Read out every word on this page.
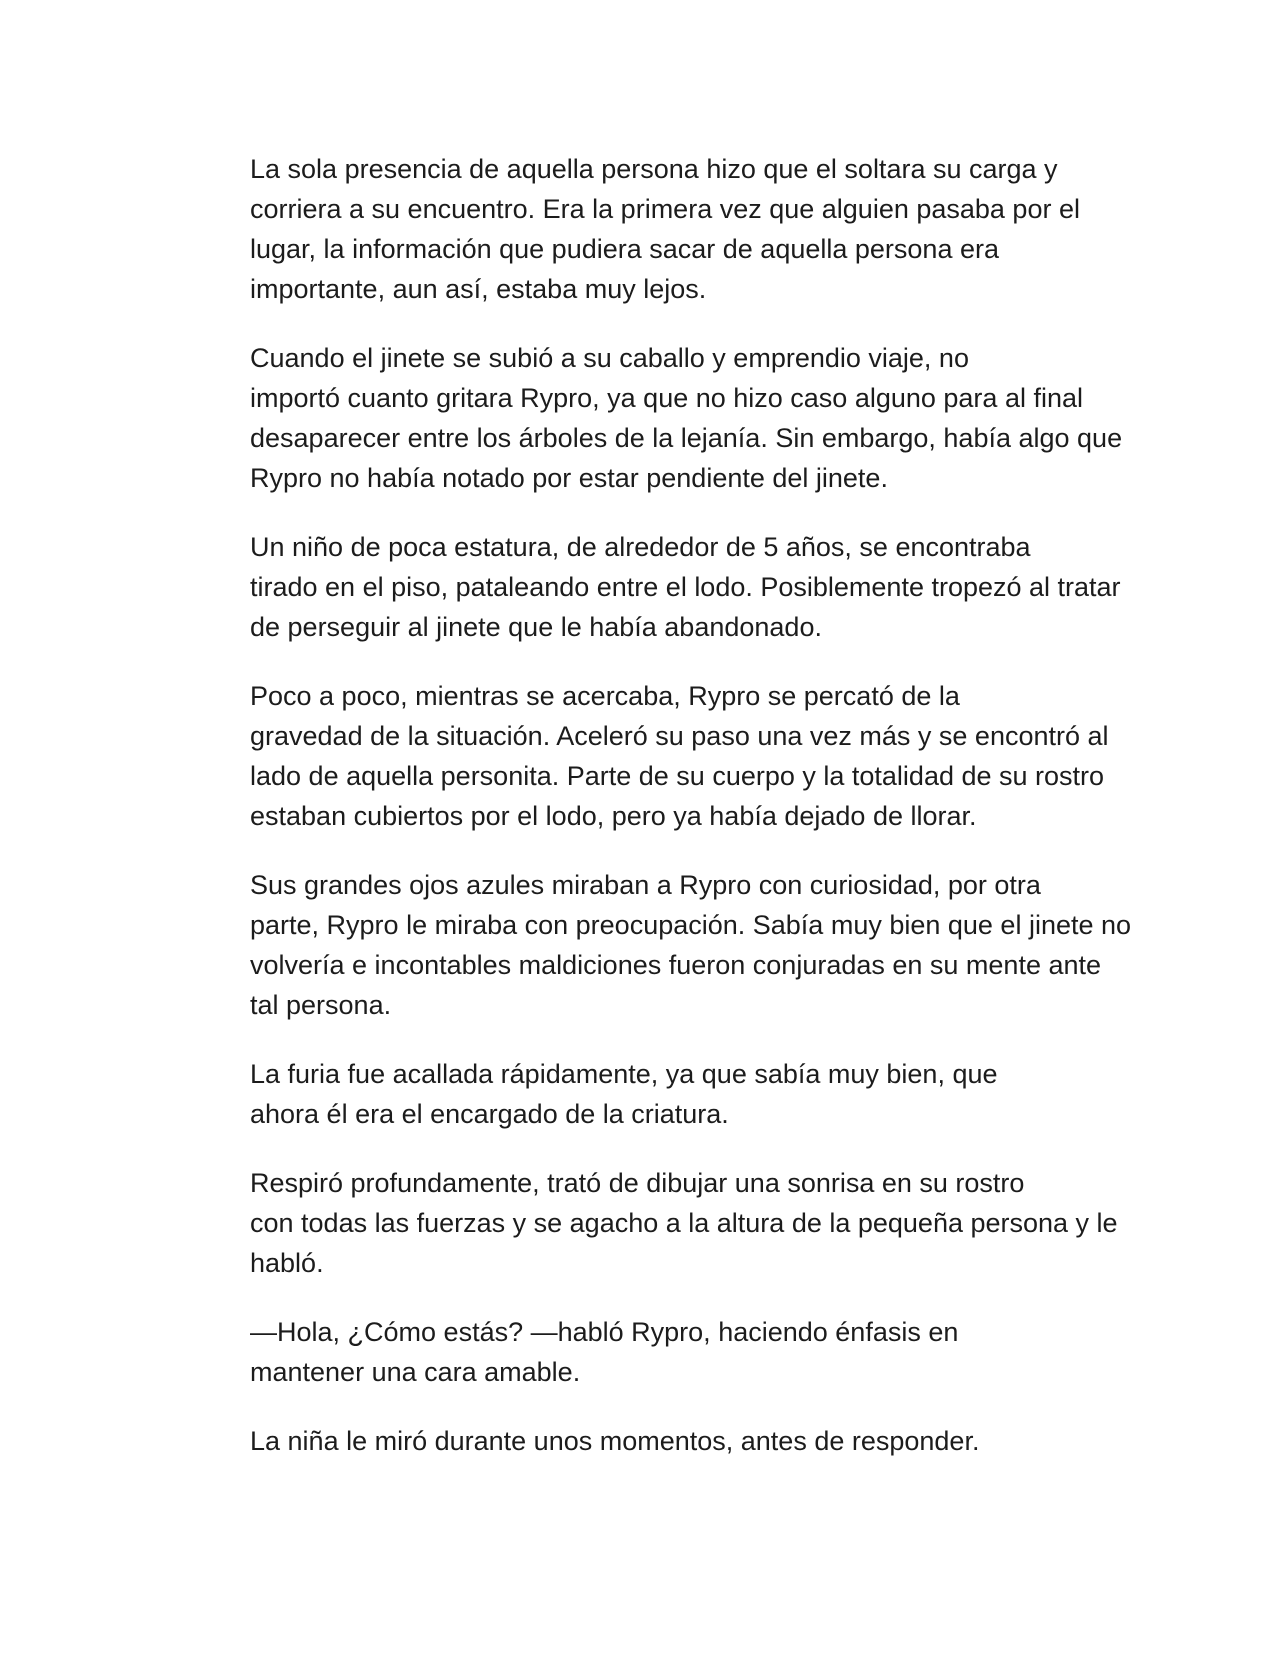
La sola presencia de aquella persona hizo que el soltara su carga y
corriera a su encuentro. Era la primera vez que alguien pasaba por el
lugar, la información que pudiera sacar de aquella persona era
importante, aun así, estaba muy lejos.

Cuando el jinete se subió a su caballo y emprendio viaje, no
importó cuanto gritara Rypro, ya que no hizo caso alguno para al final
desaparecer entre los árboles de la lejanía. Sin embargo, había algo que
Rypro no había notado por estar pendiente del jinete.

Un niño de poca estatura, de alrededor de 5 años, se encontraba
tirado en el piso, pataleando entre el lodo. Posiblemente tropezó al tratar
de perseguir al jinete que le había abandonado.

Poco a poco, mientras se acercaba, Rypro se percató de la
gravedad de la situación. Aceleró su paso una vez más y se encontró al
lado de aquella personita. Parte de su cuerpo y la totalidad de su rostro
estaban cubiertos por el lodo, pero ya había dejado de llorar.

Sus grandes ojos azules miraban a Rypro con curiosidad, por otra
parte, Rypro le miraba con preocupación. Sabía muy bien que el jinete no
volvería e incontables maldiciones fueron conjuradas en su mente ante
tal persona.

La furia fue acallada rápidamente, ya que sabía muy bien, que
ahora él era el encargado de la criatura.

Respiró profundamente, trató de dibujar una sonrisa en su rostro
con todas las fuerzas y se agacho a la altura de la pequeña persona y le
habló.

—Hola, ¿Cómo estás? —habló Rypro, haciendo énfasis en
mantener una cara amable.

La niña le miró durante unos momentos, antes de responder.
